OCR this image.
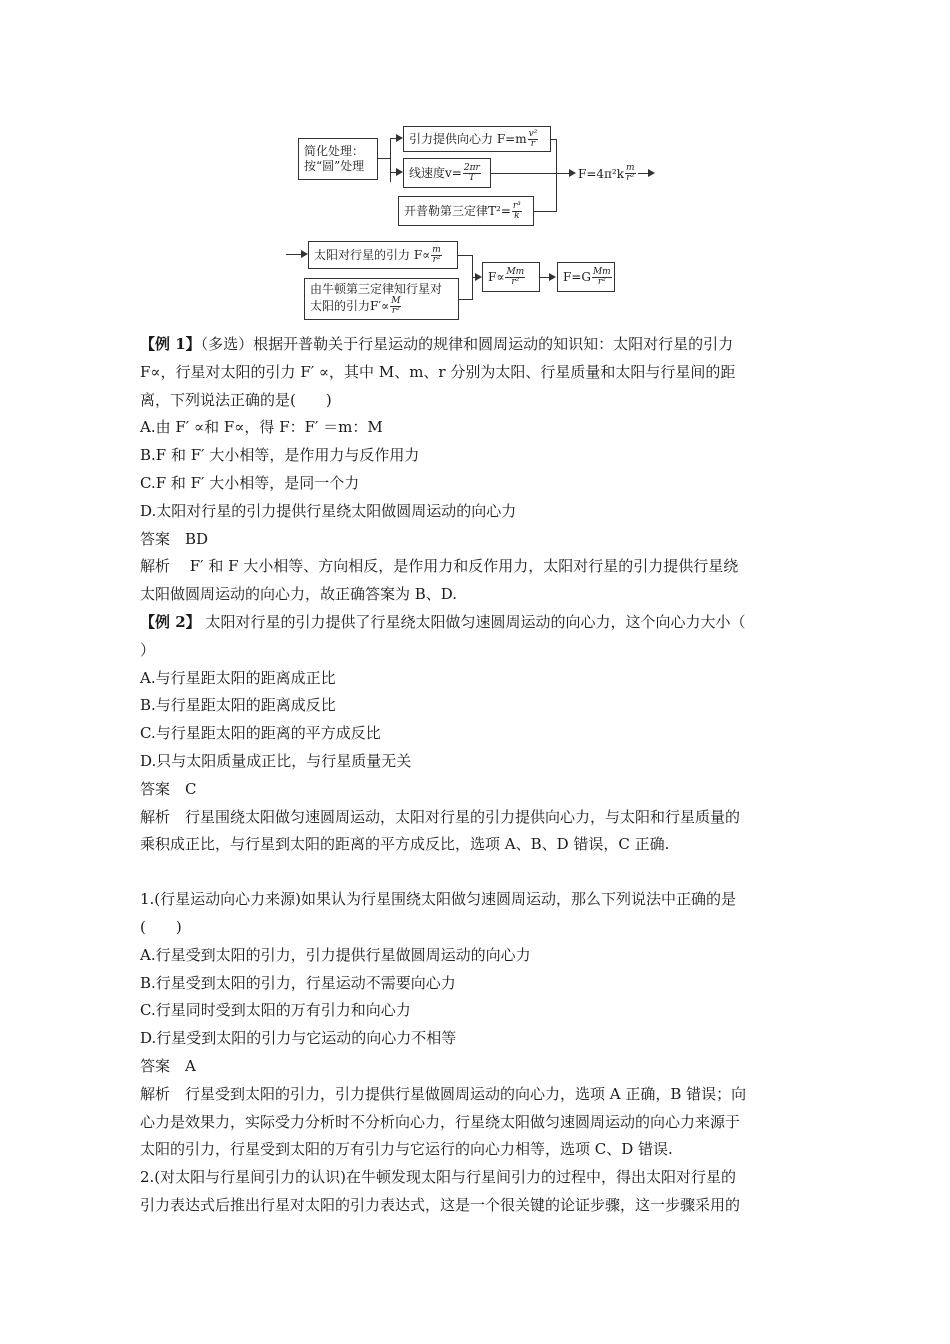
简化处理：
按“圆”处理
引力提供向心力 $F=m \frac{\text{v²}}{r}$
线速度$v= \frac{2\pi r}{T}$
开普勒第三定律$T^2= \frac{\text{r³}}{k}$
$F=4\pi^2k \frac{m}{\text{r²}}$
太阳对行星的引力 $F\propto \frac{m}{\text{r²}}$
由牛顿第三定律知行星对
太阳的引力$F'\propto \frac{M}{\text{r²}}$
$F\propto \frac{Mm}{\text{r²}}$	$F=G \frac{Mm}{\text{r²}}$

【例 1】（多选）根据开普勒关于行星运动的规律和圆周运动的知识知：太阳对行星的引力

F∝，行星对太阳的引力 F′ ∝，其中 M、m、r 分别为太阳、行星质量和太阳与行星间的距

离，下列说法正确的是(　　)

A.由 F′ ∝和 F∝，得 F：F′ ＝m：M

B.F 和 F′ 大小相等，是作用力与反作用力

C.F 和 F′ 大小相等，是同一个力

D.太阳对行星的引力提供行星绕太阳做圆周运动的向心力

答案　BD

解析　 F′ 和 F 大小相等、方向相反，是作用力和反作用力，太阳对行星的引力提供行星绕

太阳做圆周运动的向心力，故正确答案为 B、D.

【例 2】 太阳对行星的引力提供了行星绕太阳做匀速圆周运动的向心力，这个向心力大小（

）

A.与行星距太阳的距离成正比

B.与行星距太阳的距离成反比

C.与行星距太阳的距离的平方成反比

D.只与太阳质量成正比，与行星质量无关

答案　C

解析　行星围绕太阳做匀速圆周运动，太阳对行星的引力提供向心力，与太阳和行星质量的

乘积成正比，与行星到太阳的距离的平方成反比，选项 A、B、D 错误，C 正确.

1.(行星运动向心力来源)如果认为行星围绕太阳做匀速圆周运动，那么下列说法中正确的是

(　　)

A.行星受到太阳的引力，引力提供行星做圆周运动的向心力

B.行星受到太阳的引力，行星运动不需要向心力

C.行星同时受到太阳的万有引力和向心力

D.行星受到太阳的引力与它运动的向心力不相等

答案　A

解析　行星受到太阳的引力，引力提供行星做圆周运动的向心力，选项 A 正确，B 错误；向

心力是效果力，实际受力分析时不分析向心力，行星绕太阳做匀速圆周运动的向心力来源于

太阳的引力，行星受到太阳的万有引力与它运行的向心力相等，选项 C、D 错误.

2.(对太阳与行星间引力的认识)在牛顿发现太阳与行星间引力的过程中，得出太阳对行星的

引力表达式后推出行星对太阳的引力表达式，这是一个很关键的论证步骤，这一步骤采用的
